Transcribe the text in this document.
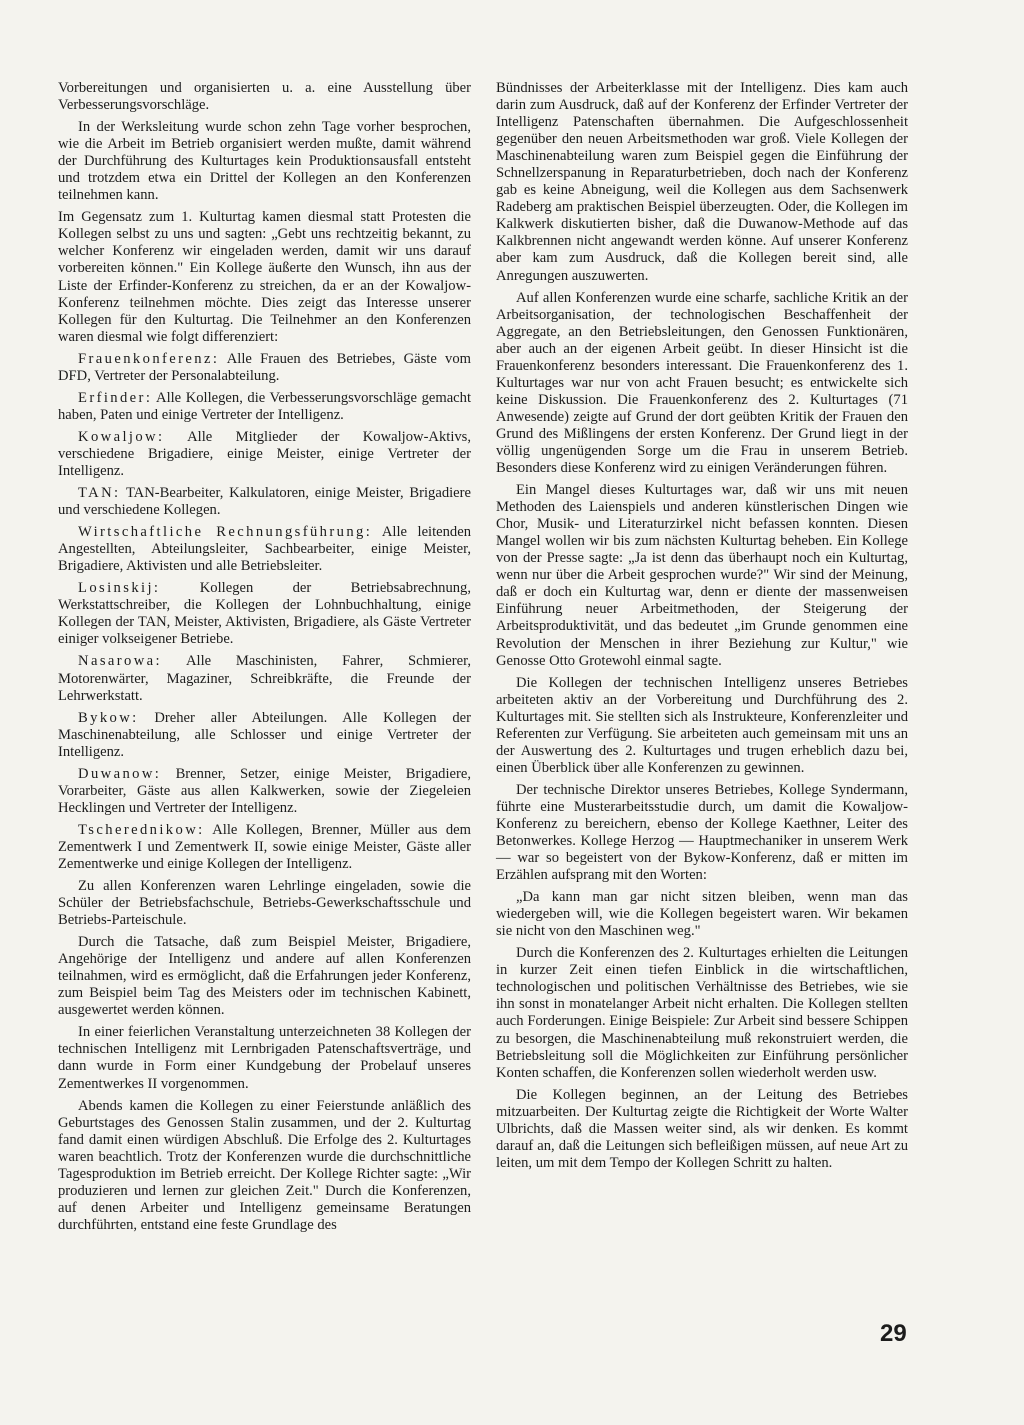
Vorbereitungen und organisierten u. a. eine Ausstellung über Verbesserungsvorschläge.

In der Werksleitung wurde schon zehn Tage vorher besprochen, wie die Arbeit im Betrieb organisiert werden mußte, damit während der Durchführung des Kulturtages kein Produktionsausfall entsteht und trotzdem etwa ein Drittel der Kollegen an den Konferenzen teilnehmen kann.

Im Gegensatz zum 1. Kulturtag kamen diesmal statt Protesten die Kollegen selbst zu uns und sagten: „Gebt uns rechtzeitig bekannt, zu welcher Konferenz wir eingeladen werden, damit wir uns darauf vorbereiten können." Ein Kollege äußerte den Wunsch, ihn aus der Liste der Erfinder-Konferenz zu streichen, da er an der Kowaljow-Konferenz teilnehmen möchte. Dies zeigt das Interesse unserer Kollegen für den Kulturtag. Die Teilnehmer an den Konferenzen waren diesmal wie folgt differenziert:

Frauenkonferenz: Alle Frauen des Betriebes, Gäste vom DFD, Vertreter der Personalabteilung.

Erfinder: Alle Kollegen, die Verbesserungsvorschläge gemacht haben, Paten und einige Vertreter der Intelligenz.

Kowaljow: Alle Mitglieder der Kowaljow-Aktivs, verschiedene Brigadiere, einige Meister, einige Vertreter der Intelligenz.

TAN: TAN-Bearbeiter, Kalkulatoren, einige Meister, Brigadiere und verschiedene Kollegen.

Wirtschaftliche Rechnungsführung: Alle leitenden Angestellten, Abteilungsleiter, Sachbearbeiter, einige Meister, Brigadiere, Aktivisten und alle Betriebsleiter.

Losinskij:	Kollegen der Betriebsabrechnung, Werkstattschreiber, die Kollegen der Lohnbuchhaltung, einige Kollegen der TAN, Meister, Aktivisten, Brigadiere, als Gäste Vertreter einiger volkseigener Betriebe.

Nasarowa: Alle Maschinisten, Fahrer, Schmierer, Motorenwärter, Magaziner, Schreibkräfte, die Freunde der Lehrwerkstatt.

Bykow: Dreher aller Abteilungen. Alle Kollegen der Maschinenabteilung, alle Schlosser und einige Vertreter der Intelligenz.

Duwanow: Brenner, Setzer, einige Meister, Brigadiere, Vorarbeiter, Gäste aus allen Kalkwerken, sowie der Ziegeleien Hecklingen und Vertreter der Intelligenz.

Tscherednikow: Alle Kollegen, Brenner, Müller aus dem Zementwerk I und Zementwerk II, sowie einige Meister, Gäste aller Zementwerke und einige Kollegen der Intelligenz.

Zu allen Konferenzen waren Lehrlinge eingeladen, sowie die Schüler der Betriebsfachschule, Betriebs-Gewerkschaftsschule und Betriebs-Parteischule.

Durch die Tatsache, daß zum Beispiel Meister, Brigadiere, Angehörige der Intelligenz und andere auf allen Konferenzen teilnahmen, wird es ermöglicht, daß die Erfahrungen jeder Konferenz, zum Beispiel beim Tag des Meisters oder im technischen Kabinett, ausgewertet werden können.

In einer feierlichen Veranstaltung unterzeichneten 38 Kollegen der technischen Intelligenz mit Lernbrigaden Patenschaftsverträge, und dann wurde in Form einer Kundgebung der Probelauf unseres Zementwerkes II vorgenommen.

Abends kamen die Kollegen zu einer Feierstunde anläßlich des Geburtstages des Genossen Stalin zusammen, und der 2. Kulturtag fand damit einen würdigen Abschluß. Die Erfolge des 2. Kulturtages waren beachtlich. Trotz der Konferenzen wurde die durchschnittliche Tagesproduktion im Betrieb erreicht. Der Kollege Richter sagte: „Wir produzieren und lernen zur gleichen Zeit." Durch die Konferenzen, auf denen Arbeiter und Intelligenz gemeinsame Beratungen durchführten, entstand eine feste Grundlage des

Bündnisses der Arbeiterklasse mit der Intelligenz. Dies kam auch darin zum Ausdruck, daß auf der Konferenz der Erfinder Vertreter der Intelligenz Patenschaften übernahmen. Die Aufgeschlossenheit gegenüber den neuen Arbeitsmethoden war groß. Viele Kollegen der Maschinenabteilung waren zum Beispiel gegen die Einführung der Schnellzerspanung in Reparaturbetrieben, doch nach der Konferenz gab es keine Abneigung, weil die Kollegen aus dem Sachsenwerk Radeberg am praktischen Beispiel überzeugten. Oder, die Kollegen im Kalkwerk diskutierten bisher, daß die Duwanow-Methode auf das Kalkbrennen nicht angewandt werden könne. Auf unserer Konferenz aber kam zum Ausdruck, daß die Kollegen bereit sind, alle Anregungen auszuwerten.

Auf allen Konferenzen wurde eine scharfe, sachliche Kritik an der Arbeitsorganisation, der technologischen Beschaffenheit der Aggregate, an den Betriebsleitungen, den Genossen Funktionären, aber auch an der eigenen Arbeit geübt. In dieser Hinsicht ist die Frauenkonferenz besonders interessant. Die Frauenkonferenz des 1. Kulturtages war nur von acht Frauen besucht; es entwickelte sich keine Diskussion. Die Frauenkonferenz des 2. Kulturtages (71 Anwesende) zeigte auf Grund der dort geübten Kritik der Frauen den Grund des Mißlingens der ersten Konferenz. Der Grund liegt in der völlig ungenügenden Sorge um die Frau in unserem Betrieb. Besonders diese Konferenz wird zu einigen Veränderungen führen.

Ein Mangel dieses Kulturtages war, daß wir uns mit neuen Methoden des Laienspiels und anderen künstlerischen Dingen wie Chor, Musik- und Literaturzirkel nicht befassen konnten. Diesen Mangel wollen wir bis zum nächsten Kulturtag beheben. Ein Kollege von der Presse sagte: „Ja ist denn das überhaupt noch ein Kulturtag, wenn nur über die Arbeit gesprochen wurde?" Wir sind der Meinung, daß er doch ein Kulturtag war, denn er diente der massenweisen Einführung neuer Arbeitmethoden, der Steigerung der Arbeitsproduktivität, und das bedeutet „im Grunde genommen eine Revolution der Menschen in ihrer Beziehung zur Kultur," wie Genosse Otto Grotewohl einmal sagte.

Die Kollegen der technischen Intelligenz unseres Betriebes arbeiteten aktiv an der Vorbereitung und Durchführung des 2. Kulturtages mit. Sie stellten sich als Instrukteure, Konferenzleiter und Referenten zur Verfügung. Sie arbeiteten auch gemeinsam mit uns an der Auswertung des 2. Kulturtages und trugen erheblich dazu bei, einen Überblick über alle Konferenzen zu gewinnen.

Der technische Direktor unseres Betriebes, Kollege Syndermann, führte eine Musterarbeitsstudie durch, um damit die Kowaljow-Konferenz zu bereichern, ebenso der Kollege Kaethner, Leiter des Betonwerkes. Kollege Herzog — Hauptmechaniker in unserem Werk — war so begeistert von der Bykow-Konferenz, daß er mitten im Erzählen aufsprang mit den Worten:

„Da kann man gar nicht sitzen bleiben, wenn man das wiedergeben will, wie die Kollegen begeistert waren. Wir bekamen sie nicht von den Maschinen weg."

Durch die Konferenzen des 2. Kulturtages erhielten die Leitungen in kurzer Zeit einen tiefen Einblick in die wirtschaftlichen, technologischen und politischen Verhältnisse des Betriebes, wie sie ihn sonst in monatelanger Arbeit nicht erhalten. Die Kollegen stellten auch Forderungen. Einige Beispiele: Zur Arbeit sind bessere Schippen zu besorgen, die Maschinenabteilung muß rekonstruiert werden, die Betriebsleitung soll die Möglichkeiten zur Einführung persönlicher Konten schaffen, die Konferenzen sollen wiederholt werden usw.

Die Kollegen beginnen, an der Leitung des Betriebes mitzuarbeiten. Der Kulturtag zeigte die Richtigkeit der Worte Walter Ulbrichts, daß die Massen weiter sind, als wir denken. Es kommt darauf an, daß die Leitungen sich befleißigen müssen, auf neue Art zu leiten, um mit dem Tempo der Kollegen Schritt zu halten.

29
